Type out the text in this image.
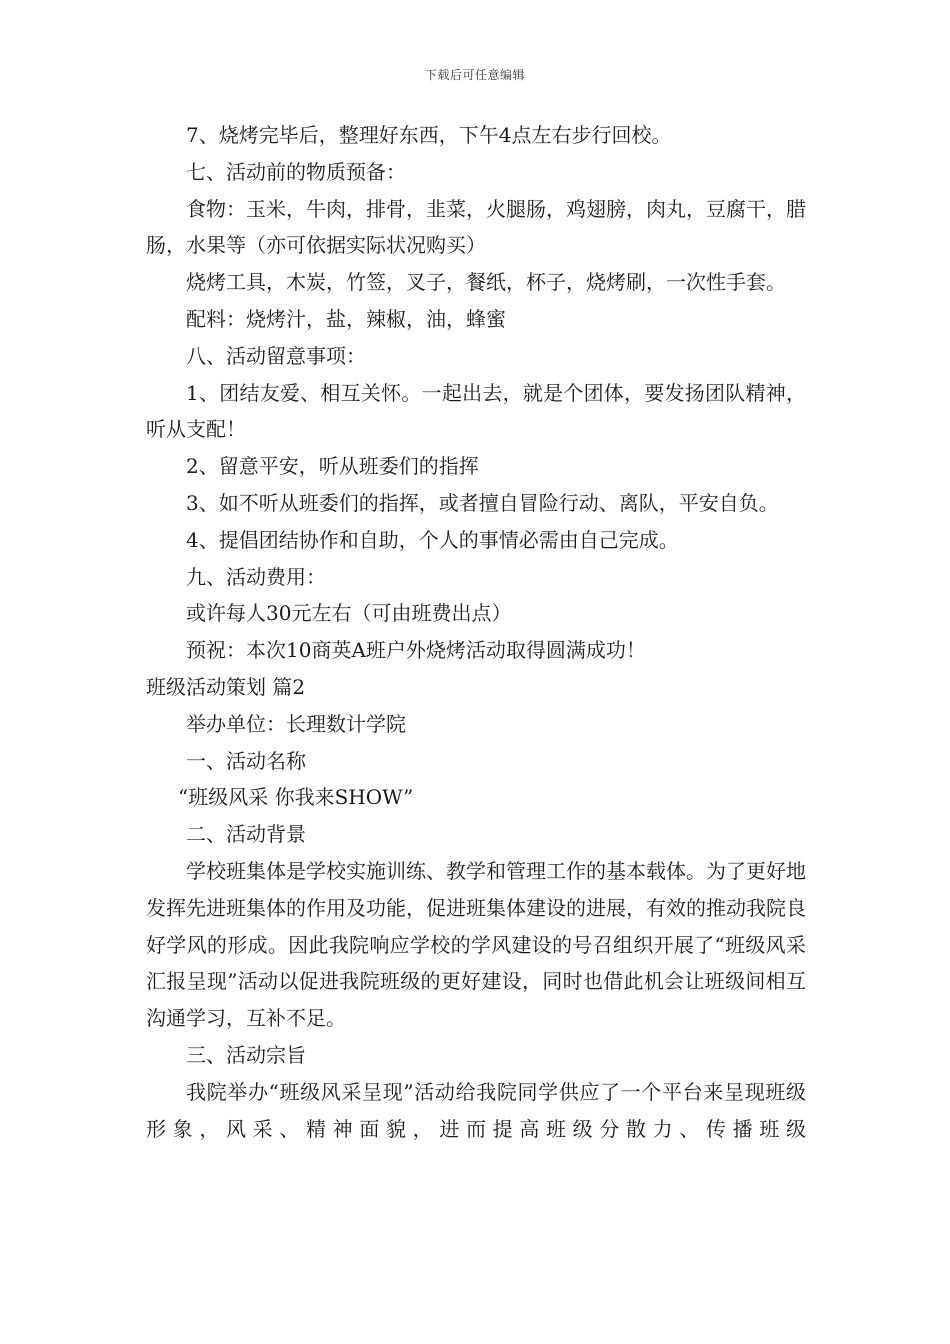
下载后可任意编辑

7、烧烤完毕后，整理好东西，下午4点左右步行回校。

七、活动前的物质预备：

食物：玉米，牛肉，排骨，韭菜，火腿肠，鸡翅膀，肉丸，豆腐干，腊肠，水果等（亦可依据实际状况购买）

烧烤工具，木炭，竹签，叉子，餐纸，杯子，烧烤刷，一次性手套。

配料：烧烤汁，盐，辣椒，油，蜂蜜

八、活动留意事项：

1、团结友爱、相互关怀。一起出去，就是个团体，要发扬团队精神，听从支配！

2、留意平安，听从班委们的指挥

3、如不听从班委们的指挥，或者擅自冒险行动、离队，平安自负。

4、提倡团结协作和自助，个人的事情必需由自己完成。

九、活动费用：

或许每人30元左右（可由班费出点）

预祝：本次10商英A班户外烧烤活动取得圆满成功！

班级活动策划 篇2

举办单位：长理数计学院

一、活动名称

“班级风采 你我来SHOW”

二、活动背景

学校班集体是学校实施训练、教学和管理工作的基本载体。为了更好地发挥先进班集体的作用及功能，促进班集体建设的进展，有效的推动我院良好学风的形成。因此我院响应学校的学风建设的号召组织开展了“班级风采汇报呈现”活动以促进我院班级的更好建设，同时也借此机会让班级间相互沟通学习，互补不足。

三、活动宗旨

我院举办“班级风采呈现”活动给我院同学供应了一个平台来呈现班级形象，风采、精神面貌，进而提高班级分散力、传播班级
